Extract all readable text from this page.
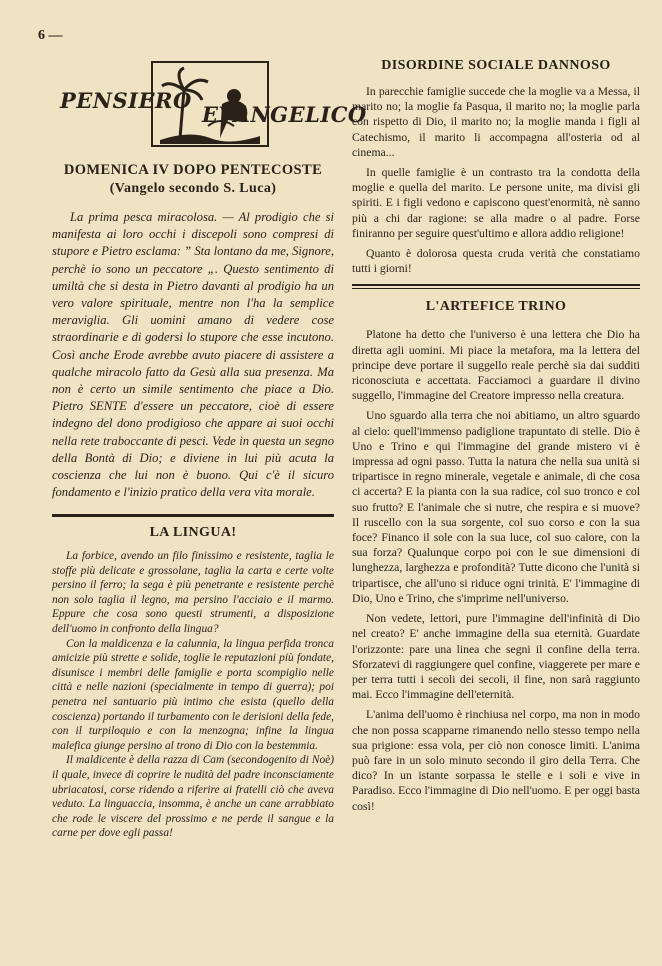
6 —
PENSIERO
EVANGELICO
DOMENICA IV DOPO PENTECOSTE
(Vangelo secondo S. Luca)

La prima pesca miracolosa. — Al prodigio che si manifesta ai loro occhi i discepoli sono compresi di stupore e Pietro esclama: ” Sta lontano da me, Signore, perchè io sono un peccatore „. Questo sentimento di umiltà che si desta in Pietro davanti al prodigio ha un vero valore spirituale, mentre non l'ha la semplice meraviglia. Gli uomini amano di vedere cose straordinarie e di godersi lo stupore che esse incutono. Così anche Erode avrebbe avuto piacere di assistere a qualche miracolo fatto da Gesù alla sua presenza. Ma non è certo un simile sentimento che piace a Dio. Pietro SENTE d'essere un peccatore, cioè di essere indegno del dono prodigioso che appare ai suoi occhi nella rete traboccante di pesci. Vede in questa un segno della Bontà di Dio; e diviene in lui più acuta la coscienza che lui non è buono. Qui c'è il sicuro fondamento e l'inizio pratico della vera vita morale.

LA LINGUA!

La forbice, avendo un filo finissimo e resistente, taglia le stoffe più delicate e grossolane, taglia la carta e certe volte persino il ferro; la sega è più penetrante e resistente perchè non solo taglia il legno, ma persino l'acciaio e il marmo. Eppure che cosa sono questi strumenti, a disposizione dell'uomo in confronto della lingua?

Con la maldicenza e la calunnia, la lingua perfida tronca amicizie più strette e solide, toglie le reputazioni più fondate, disunisce i membri delle famiglie e porta scompiglio nelle città e nelle nazioni (specialmente in tempo di guerra); poi penetra nel santuario più intimo che esista (quello della coscienza) portando il turbamento con le derisioni della fede, con il turpiloquio e con la menzogna; infine la lingua malefica giunge persino al trono di Dio con la bestemmia.

Il maldicente è della razza di Cam (secondogenito di Noè) il quale, invece di coprire le nudità del padre inconsciamente ubriacatosi, corse ridendo a riferire ai fratelli ciò che aveva veduto. La linguaccia, insomma, è anche un cane arrabbiato che rode le viscere del prossimo e ne perde il sangue e la carne per dove egli passa!

DISORDINE SOCIALE DANNOSO

In parecchie famiglie succede che la moglie va a Messa, il marito no; la moglie fa Pasqua, il marito no; la moglie parla con rispetto di Dio, il marito no; la moglie manda i figli al Catechismo, il marito li accompagna all'osteria od al cinema...

In quelle famiglie è un contrasto tra la condotta della moglie e quella del marito. Le persone unite, ma divisi gli spiriti. E i figli vedono e capiscono quest'enormità, nè sanno più a chi dar ragione: se alla madre o al padre. Forse finiranno per seguire quest'ultimo e allora addio religione!

Quanto è dolorosa questa cruda verità che constatiamo tutti i giorni!

L'ARTEFICE TRINO

Platone ha detto che l'universo è una lettera che Dio ha diretta agli uomini. Mi piace la metafora, ma la lettera del principe deve portare il suggello reale perchè sia dai sudditi riconosciuta e accettata. Facciamoci a guardare il divino suggello, l'immagine del Creatore impresso nella creatura.

Uno sguardo alla terra che noi abitiamo, un altro sguardo al cielo: quell'immenso padiglione trapuntato di stelle. Dio è Uno e Trino e qui l'immagine del grande mistero vi è impressa ad ogni passo. Tutta la natura che nella sua unità si tripartisce in regno minerale, vegetale e animale, di che cosa ci accerta? E la pianta con la sua radice, col suo tronco e col suo frutto? E l'animale che si nutre, che respira e si muove? Il ruscello con la sua sorgente, col suo corso e con la sua foce? Financo il sole con la sua luce, col suo calore, con la sua forza? Qualunque corpo poi con le sue dimensioni di lunghezza, larghezza e profondità? Tutte dicono che l'unità si tripartisce, che all'uno si riduce ogni trinità. E' l'immagine di Dio, Uno e Trino, che s'imprime nell'universo.

Non vedete, lettori, pure l'immagine dell'infinità di Dio nel creato? E' anche immagine della sua eternità. Guardate l'orizzonte: pare una linea che segni il confine della terra. Sforzatevi di raggiungere quel confine, viaggerete per mare e per terra tutti i secoli dei secoli, il fine, non sarà raggiunto mai. Ecco l'immagine dell'eternità.

L'anima dell'uomo è rinchiusa nel corpo, ma non in modo che non possa scapparne rimanendo nello stesso tempo nella sua prigione: essa vola, per ciò non conosce limiti. L'anima può fare in un solo minuto secondo il giro della Terra. Che dico? In un istante sorpassa le stelle e i soli e vive in Paradiso. Ecco l'immagine di Dio nell'uomo. E per oggi basta così!
